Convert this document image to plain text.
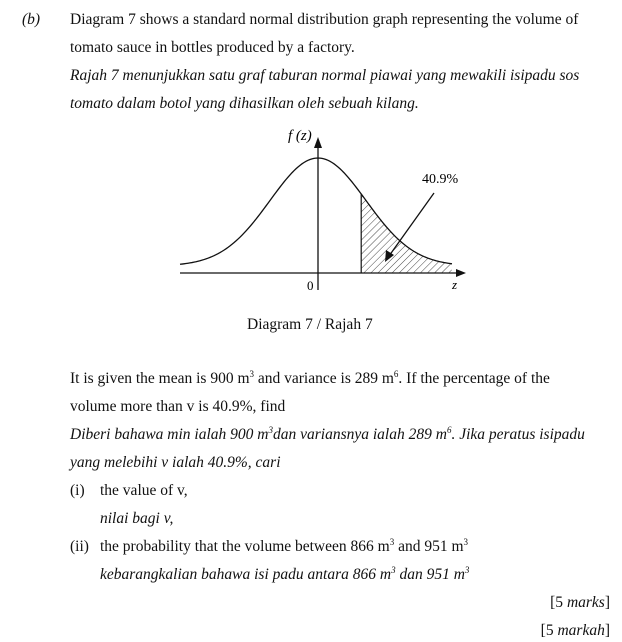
(b) Diagram 7 shows a standard normal distribution graph representing the volume of
tomato sauce in bottles produced by a factory.
Rajah 7 menunjukkan satu graf taburan normal piawai yang mewakili isipadu sos
tomato dalam botol yang dihasilkan oleh sebuah kilang.
f (z)
z
0
40.9%
Diagram 7 / Rajah 7
It is given the mean is 900 $m^3$ and variance is 289 $m^6$. If the percentage of the
volume more than v is 40.9%, find
Diberi bahawa min ialah 900 $m^3dan$ variansnya ialah 289 $m^6$. Jika peratus isipadu
yang melebihi v ialah 40.9%, cari
(i) the value of v,
nilai bagi v,
(ii) the probability that the volume between 866 $m^3$ and 951 $m^3$
kebarangkalian bahawa isi padu antara 866 $m^3$ dan 951 $m^3$
[5 marks]
[5 markah]
